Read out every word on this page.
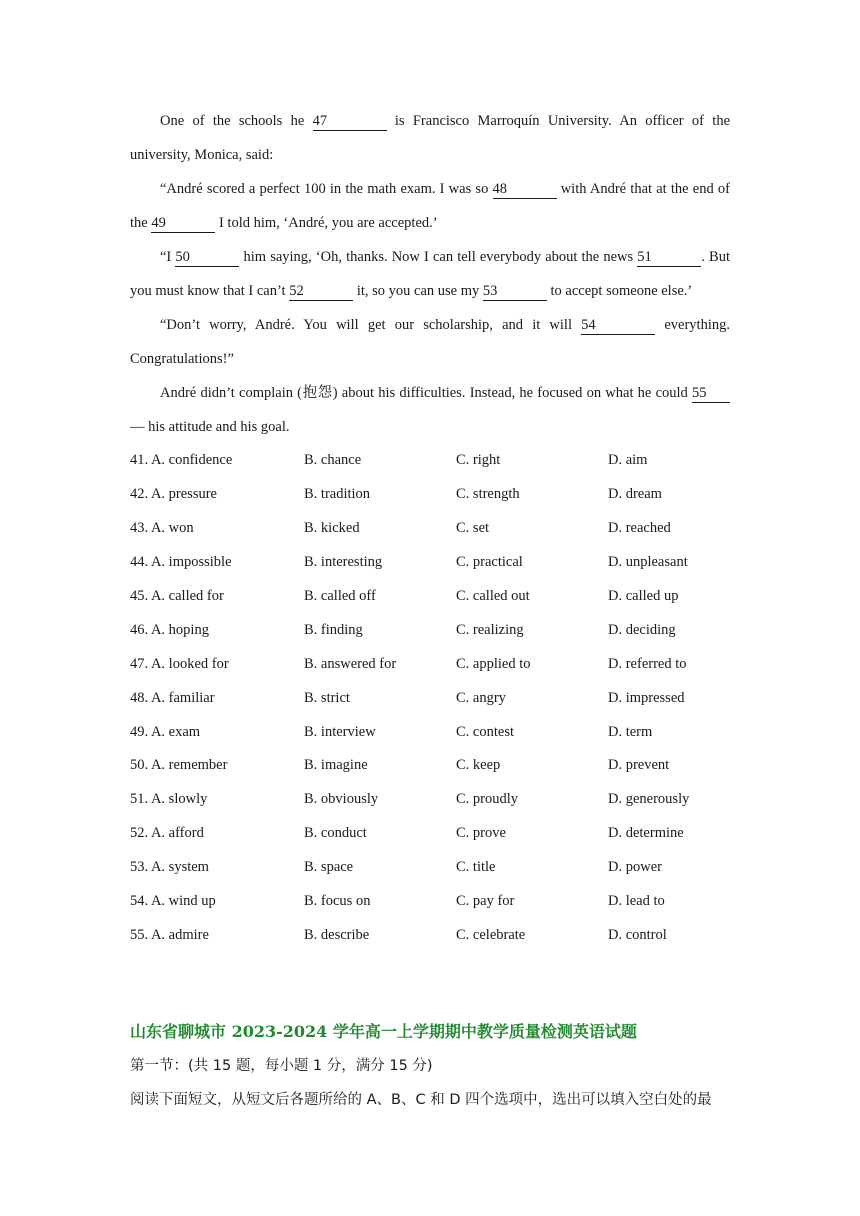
One of the schools he 47	is Francisco Marroquín University. An officer of the university, Monica, said:

“André scored a perfect 100 in the math exam. I was so 48	with André that at the end of the 49	I told him, ‘André, you are accepted.’

“I 50	him saying, ‘Oh, thanks. Now I can tell everybody about the news 51	. But you must know that I can’t 52	it, so you can use my 53	to accept someone else.’

“Don’t worry, André. You will get our scholarship, and it will 54	everything. Congratulations!”

André didn’t complain (抱怨) about his difficulties. Instead, he focused on what he could 55 — his attitude and his goal.

41. A. confidence	B. chance	C. right	D. aim
42. A. pressure	B. tradition	C. strength	D. dream
43. A. won	B. kicked	C. set	D. reached
44. A. impossible	B. interesting	C. practical	D. unpleasant
45. A. called for	B. called off	C. called out	D. called up
46. A. hoping	B. finding	C. realizing	D. deciding
47. A. looked for	B. answered for	C. applied to	D. referred to
48. A. familiar	B. strict	C. angry	D. impressed
49. A. exam	B. interview	C. contest	D. term
50. A. remember	B. imagine	C. keep	D. prevent
51. A. slowly	B. obviously	C. proudly	D. generously
52. A. afford	B. conduct	C. prove	D. determine
53. A. system	B. space	C. title	D. power
54. A. wind up	B. focus on	C. pay for	D. lead to
55. A. admire	B. describe	C. celebrate	D. control
山东省聊城市 2023-2024 学年高一上学期期中教学质量检测英语试题
第一节：(共 15 题，每小题 1 分，满分 15 分)
阅读下面短文，从短文后各题所给的 A、B、C 和 D 四个选项中，选出可以填入空白处的最
